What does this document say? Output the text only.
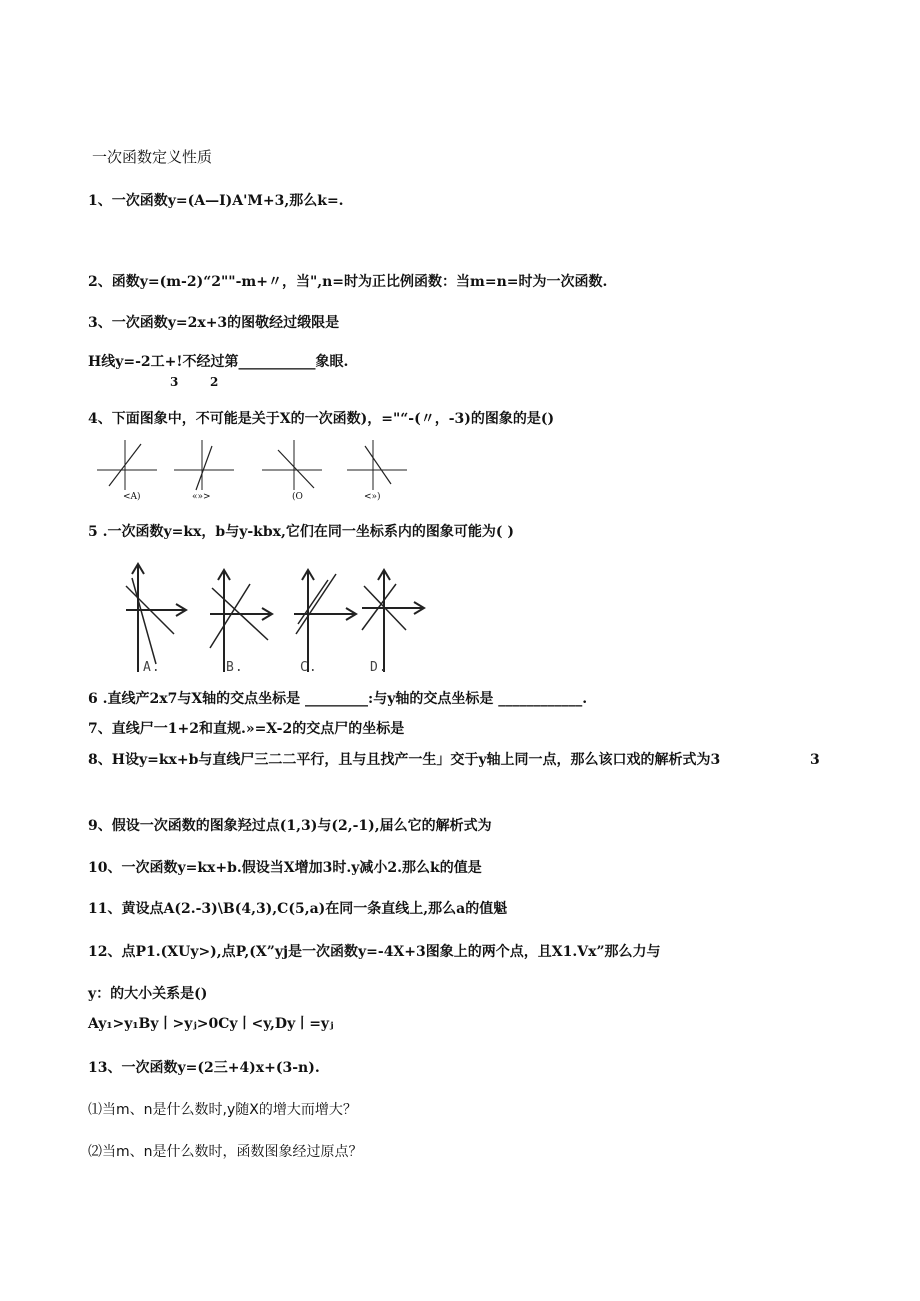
一次函数定义性质
1、一次函数y=(A—I)A'M+3,那么k=.
2、函数y=(m-2)“2""-m+〃，当",n=时为正比例函数：当m=n=时为一次函数.
3、一次函数y=2x+3的图敬经过缎限是
H线y=-2工+!不经过第___________象眼.
3	2
4、下面图象中，不可能是关于X的一次函数)，="“-(〃，-3)的图象的是()
<A)	«»>	(O	<»)
5 .一次函数y=kx，b与y-kbx,它们在同一坐标系内的图象可能为( )
A.	B.	C.	D.
6 .直线产2x7与X轴的交点坐标是 _________:与y轴的交点坐标是 ____________.
7、直线尸一1+2和直规.»=X-2的交点尸的坐标是
8、H设y=kx+b与直线尸三二二平行，且与且找产一生」交于y轴上同一点，那么该口戏的解析式为3	3
9、假设一次函数的图象羟过点(1,3)与(2,-1),届么它的解析式为
10、一次函数y=kx+b.假设当X增加3时.y减小2.那么k的值是
11、黄设点A(2.-3)\B(4,3),C(5,a)在同一条直线上,那么a的值魁
12、点P1.(XUy>),点P,(X”yj是一次函数y=-4X+3图象上的两个点，且X1.Vx”那么力与
y：的大小关系是()
Ay₁>y₁By丨>yⱼ>0Cy丨<y,Dy丨=yⱼ
13、一次函数y=(2三+4)x+(3-n).
⑴当m、n是什么数时,y随X的增大而增大？
⑵当m、n是什么数时，函数图象经过原点？
